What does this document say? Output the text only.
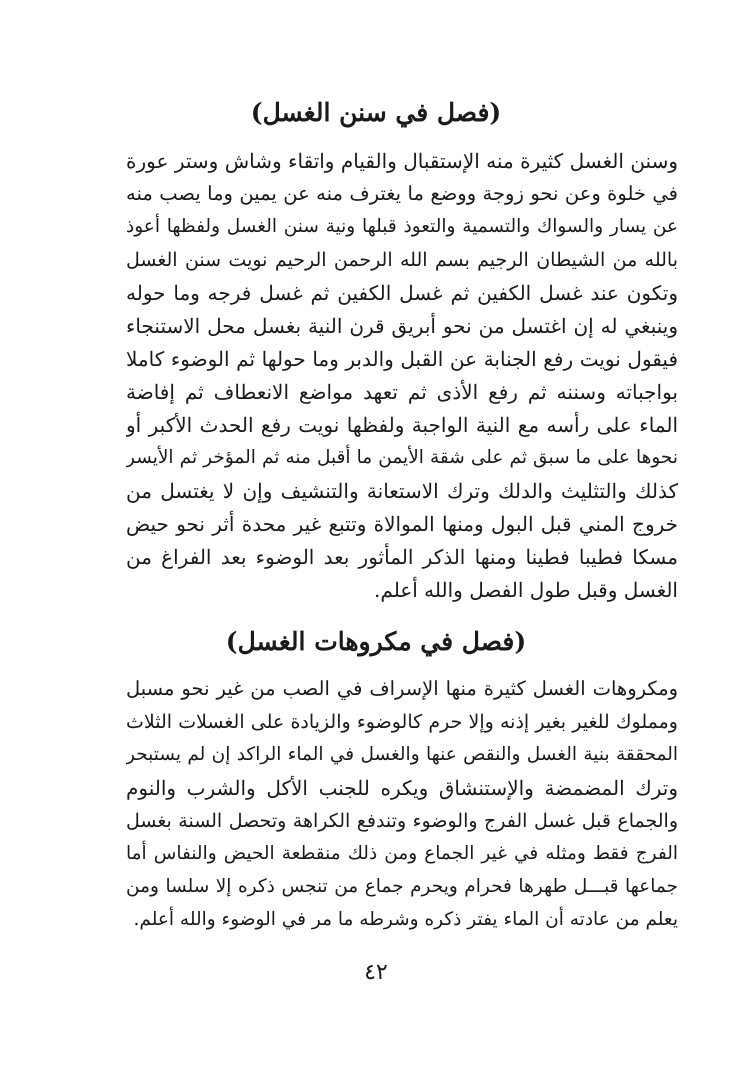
(فصل في سنن الغسل)
وسنن الغسل كثيرة منه الإستقبال والقيام واتقاء وشاش وستر عورة
في خلوة وعن نحو زوجة ووضع ما يغترف منه عن يمين وما يصب منه
عن يسار والسواك والتسمية والتعوذ قبلها ونية سنن الغسل ولفظها أعوذ
بالله من الشيطان الرجيم بسم الله الرحمن الرحيم نويت سنن الغسل
وتكون عند غسل الكفين ثم غسل الكفين ثم غسل فرجه وما حوله
وينبغي له إن اغتسل من نحو أبريق قرن النية بغسل محل الاستنجاء
فيقول نويت رفع الجنابة عن القبل والدبر وما حولها ثم الوضوء كاملا
بواجباته وسننه ثم رفع الأذى ثم تعهد مواضع الانعطاف ثم إفاضة
الماء على رأسه مع النية الواجبة ولفظها نويت رفع الحدث الأكبر أو
نحوها على ما سبق ثم على شقة الأيمن ما أقبل منه ثم المؤخر ثم الأيسر
كذلك والتثليث والدلك وترك الاستعانة والتنشيف وإن لا يغتسل من
خروج المني قبل البول ومنها الموالاة وتتبع غير محدة أثر نحو حيض
مسكا فطيبا فطينا ومنها الذكر المأثور بعد الوضوء بعد الفراغ من
الغسل وقبل طول الفصل والله أعلم.
(فصل في مكروهات الغسل)
ومكروهات الغسل كثيرة منها الإسراف في الصب من غير نحو مسبل
ومملوك للغير بغير إذنه وإلا حرم كالوضوء والزيادة على الغسلات الثلاث
المحققة بنية الغسل والنقص عنها والغسل في الماء الراكد إن لم يستبحر
وترك المضمضة والإستنشاق ويكره للجنب الأكل والشرب والنوم
والجماع قبل غسل الفرج والوضوء وتندفع الكراهة وتحصل السنة بغسل
الفرج فقط ومثله في غير الجماع ومن ذلك منقطعة الحيض والنفاس أما
جماعها قبـــل طهرها فحرام ويحرم جماع من تنجس ذكره إلا سلسا ومن
يعلم من عادته أن الماء يفتر ذكره وشرطه ما مر في الوضوء والله أعلم.
٤٢
